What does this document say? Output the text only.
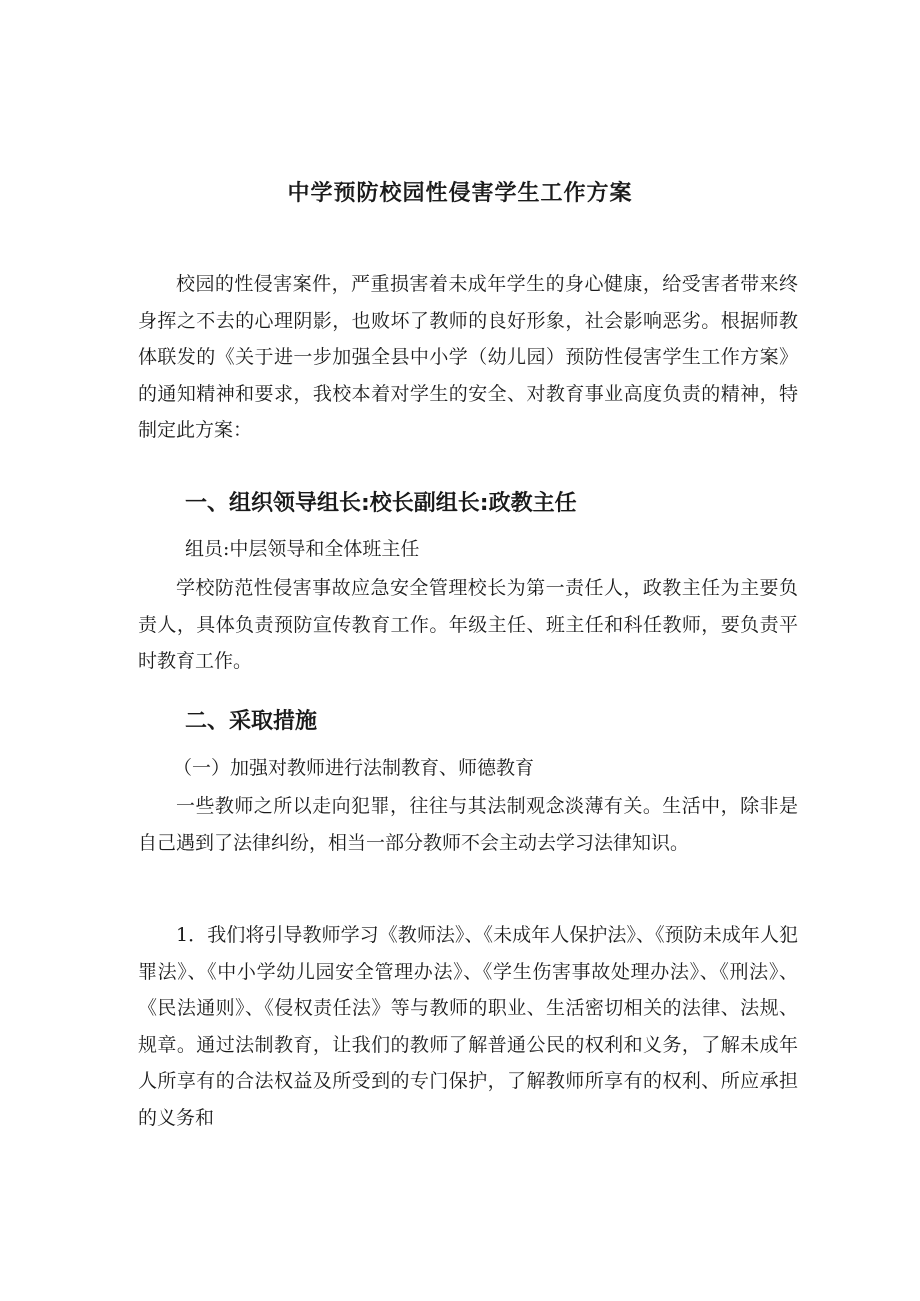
中学预防校园性侵害学生工作方案

校园的性侵害案件，严重损害着未成年学生的身心健康，给受害者带来终身挥之不去的心理阴影，也败坏了教师的良好形象，社会影响恶劣。根据师教体联发的《关于进一步加强全县中小学（幼儿园）预防性侵害学生工作方案》的通知精神和要求，我校本着对学生的安全、对教育事业高度负责的精神，特制定此方案：

一、组织领导组长:校长副组长:政教主任

组员:中层领导和全体班主任

学校防范性侵害事故应急安全管理校长为第一责任人，政教主任为主要负责人，具体负责预防宣传教育工作。年级主任、班主任和科任教师，要负责平时教育工作。

二、采取措施

（一）加强对教师进行法制教育、师德教育

一些教师之所以走向犯罪，往往与其法制观念淡薄有关。生活中，除非是自己遇到了法律纠纷，相当一部分教师不会主动去学习法律知识。

1．我们将引导教师学习《教师法》、《未成年人保护法》、《预防未成年人犯罪法》、《中小学幼儿园安全管理办法》、《学生伤害事故处理办法》、《刑法》、《民法通则》、《侵权责任法》等与教师的职业、生活密切相关的法律、法规、规章。通过法制教育，让我们的教师了解普通公民的权利和义务，了解未成年人所享有的合法权益及所受到的专门保护，了解教师所享有的权利、所应承担的义务和
